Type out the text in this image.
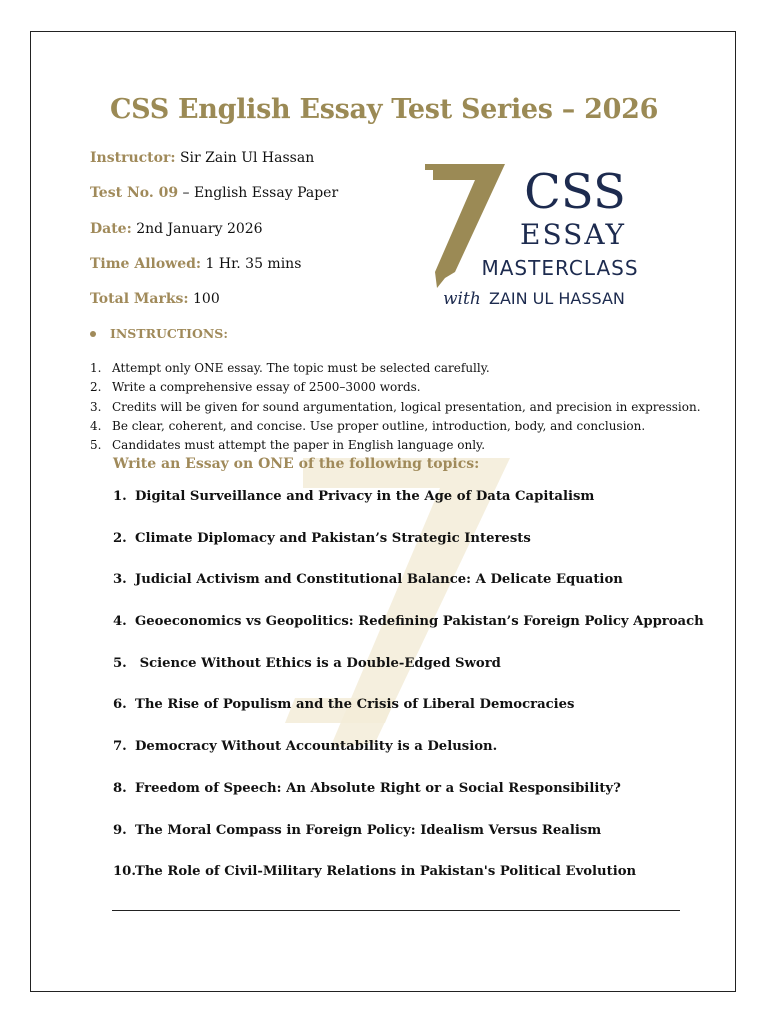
CSS English Essay Test Series – 2026
Instructor: Sir Zain Ul Hassan
Test No. 09 – English Essay Paper
Date: 2nd January 2026
Time Allowed: 1 Hr. 35 mins
Total Marks: 100
CSS
ESSAY
MASTERCLASS
with ZAIN UL HASSAN
INSTRUCTIONS:
1. Attempt only ONE essay. The topic must be selected carefully.
2. Write a comprehensive essay of 2500–3000 words.
3. Credits will be given for sound argumentation, logical presentation, and precision in expression.
4. Be clear, coherent, and concise. Use proper outline, introduction, body, and conclusion.
5. Candidates must attempt the paper in English language only.
Write an Essay on ONE of the following topics:
1. Digital Surveillance and Privacy in the Age of Data Capitalism
2. Climate Diplomacy and Pakistan’s Strategic Interests
3. Judicial Activism and Constitutional Balance: A Delicate Equation
4. Geoeconomics vs Geopolitics: Redefining Pakistan’s Foreign Policy Approach
5. Science Without Ethics is a Double-Edged Sword
6. The Rise of Populism and the Crisis of Liberal Democracies
7. Democracy Without Accountability is a Delusion.
8. Freedom of Speech: An Absolute Right or a Social Responsibility?
9. The Moral Compass in Foreign Policy: Idealism Versus Realism
10.The Role of Civil-Military Relations in Pakistan's Political Evolution
